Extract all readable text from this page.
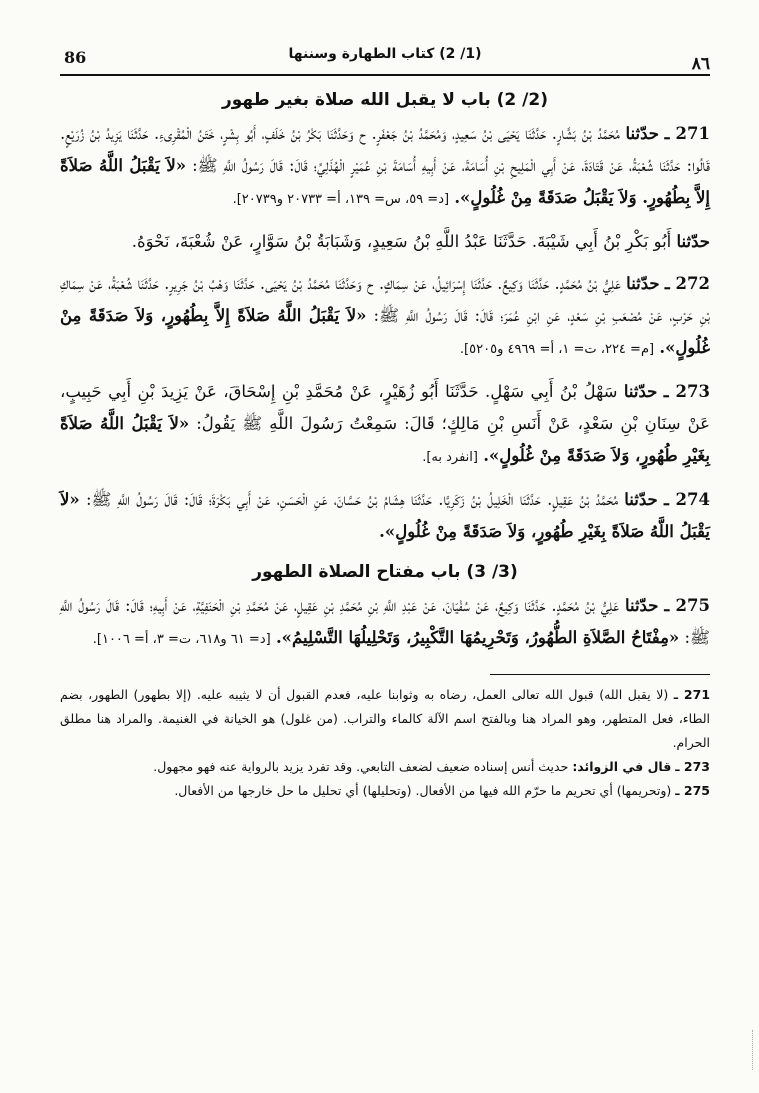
86	(1/ 2) كتاب الطهارة وسننها	٨٦
(2/ 2) باب لا يقبل الله صلاة بغير طهور

271 ـ حدّثنا مُحَمَّدُ بْنُ بَشَّارٍ. حَدَّثَنَا يَحْيَى بْنُ سَعِيدٍ، وَمُحَمَّدُ بْنُ جَعْفَرٍ. ح وَحَدَّثَنَا بَكْرُ بْنُ خَلَفٍ، أَبُو بِشْرٍ، خَتَنُ الْمُقْرِىءِ. حَدَّثَنَا يَزِيدُ بْنُ زُرَيْعٍ. قَالُوا: حَدَّثَنَا شُعْبَةُ، عَنْ قَتَادَةَ، عَنْ أَبِي الْمَلِيحِ بْنِ أُسَامَةَ، عَنْ أَبِيهِ أُسَامَةَ بْنِ عُمَيْرٍ الْهُذَلِيِّ؛ قَالَ: قَالَ رَسُولُ اللَّهِ ﷺ: «لاَ يَقْبَلُ اللَّهُ صَلاَةً إِلاَّ بِطُهُورٍ. وَلاَ يَقْبَلُ صَدَقَةً مِنْ غُلُولٍ». [د= ٥٩، س= ١٣٩، أ= ٢٠٧٣٣ و٢٠٧٣٩].

حدّثنا أَبُو بَكْرِ بْنُ أَبِي شَيْبَةَ. حَدَّثَنَا عَبْدُ اللَّهِ بْنُ سَعِيدٍ، وَشَبَابَةُ بْنُ سَوَّارٍ، عَنْ شُعْبَةَ، نَحْوَهُ.

272 ـ حدّثنا عَلِيُّ بْنُ مُحَمَّدٍ. حَدَّثَنَا وَكِيعٌ. حَدَّثَنَا إِسْرَائِيلُ، عَنْ سِمَاكٍ. ح وَحَدَّثَنَا مُحَمَّدُ بْنُ يَحْيَى. حَدَّثَنَا وَهْبُ بْنُ جَرِيرٍ. حَدَّثَنَا شُعْبَةُ، عَنْ سِمَاكِ بْنِ حَرْبٍ، عَنْ مُصْعَبِ بْنِ سَعْدٍ، عَنِ ابْنِ عُمَرَ؛ قَالَ: قَالَ رَسُولُ اللَّهِ ﷺ: «لاَ يَقْبَلُ اللَّهُ صَلاَةً إِلاَّ بِطُهُورٍ، وَلاَ صَدَقَةً مِنْ غُلُولٍ». [م= ٢٢٤، ت= ١، أ= ٤٩٦٩ و٥٢٠٥].

273 ـ حدّثنا سَهْلُ بْنُ أَبِي سَهْلٍ. حَدَّثَنَا أَبُو زُهَيْرٍ، عَنْ مُحَمَّدِ بْنِ إِسْحَاقَ، عَنْ يَزِيدَ بْنِ أَبِي حَبِيبٍ، عَنْ سِنَانِ بْنِ سَعْدٍ، عَنْ أَنَسِ بْنِ مَالِكٍ؛ قَالَ: سَمِعْتُ رَسُولَ اللَّهِ ﷺ يَقُولُ: «لاَ يَقْبَلُ اللَّهُ صَلاَةً بِغَيْرِ طُهُورٍ، وَلاَ صَدَقَةً مِنْ غُلُولٍ». [انفرد به].

274 ـ حدّثنا مُحَمَّدُ بْنُ عَقِيلٍ. حَدَّثَنَا الْخَلِيلُ بْنُ زَكَرِيَّا. حَدَّثَنَا هِشَامُ بْنُ حَسَّانَ، عَنِ الْحَسَنِ، عَنْ أَبِي بَكْرَةَ؛ قَالَ: قَالَ رَسُولُ اللَّهِ ﷺ: «لاَ يَقْبَلُ اللَّهُ صَلاَةً بِغَيْرِ طُهُورٍ، وَلاَ صَدَقَةً مِنْ غُلُولٍ».

(3/ 3) باب مفتاح الصلاة الطهور

275 ـ حدّثنا عَلِيُّ بْنُ مُحَمَّدٍ. حَدَّثَنَا وَكِيعٌ، عَنْ سُفْيَانَ، عَنْ عَبْدِ اللَّهِ بْنِ مُحَمَّدِ بْنِ عَقِيلٍ، عَنْ مُحَمَّدِ بْنِ الْحَنَفِيَّةِ، عَنْ أَبِيهِ؛ قَالَ: قَالَ رَسُولُ اللَّهِ ﷺ: «مِفْتَاحُ الصَّلاَةِ الطُّهُورُ، وَتَحْرِيمُهَا التَّكْبِيرُ، وَتَحْلِيلُهَا التَّسْلِيمُ». [د= ٦١ و٦١٨، ت= ٣، أ= ١٠٠٦].

271 ـ (لا يقبل الله) قبول الله تعالى العمل، رضاه به وثوابنا عليه، فعدم القبول أن لا يثيبه عليه. (إلا بطهور) الطهور، بضم الطاء، فعل المتطهر، وهو المراد هنا وبالفتح اسم الآلة كالماء والتراب. (من غلول) هو الخيانة في الغنيمة. والمراد هنا مطلق الحرام.

273 ـ قال في الزوائد: حديث أنس إسناده ضعيف لضعف التابعي. وقد تفرد يزيد بالرواية عنه فهو مجهول.

275 ـ (وتحريمها) أي تحريم ما حرّم الله فيها من الأفعال. (وتحليلها) أي تحليل ما حل خارجها من الأفعال.
